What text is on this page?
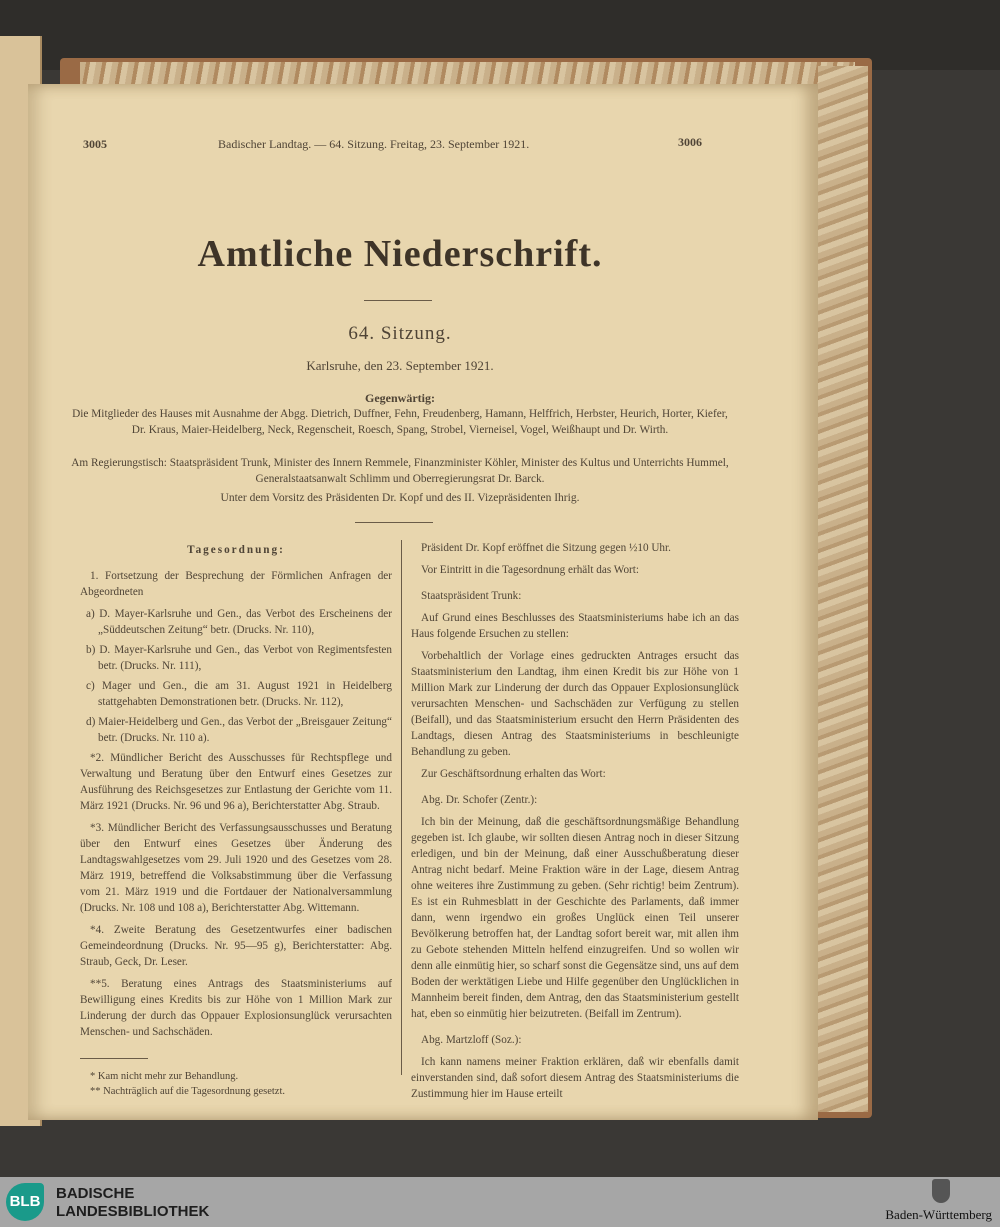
3005	Badischer Landtag. — 64. Sitzung. Freitag, 23. September 1921.	3006
Amtliche Niederschrift.
64. Sitzung.
Karlsruhe, den 23. September 1921.
Gegenwärtig:
Die Mitglieder des Hauses mit Ausnahme der Abgg. Dietrich, Duffner, Fehn, Freudenberg, Hamann, Helffrich, Herbster, Heurich, Horter, Kiefer, Dr. Kraus, Maier-Heidelberg, Neck, Regenscheit, Roesch, Spang, Strobel, Vierneisel, Vogel, Weißhaupt und Dr. Wirth.
Am Regierungstisch: Staatspräsident Trunk, Minister des Innern Remmele, Finanzminister Köhler, Minister des Kultus und Unterrichts Hummel, Generalstaatsanwalt Schlimm und Oberregierungsrat Dr. Barck.
Unter dem Vorsitz des Präsidenten Dr. Kopf und des II. Vizepräsidenten Ihrig.

Tagesordnung:

1. Fortsetzung der Besprechung der Förmlichen Anfragen der Abgeordneten

a) D. Mayer-Karlsruhe und Gen., das Verbot des Erscheinens der „Süddeutschen Zeitung“ betr. (Drucks. Nr. 110),

b) D. Mayer-Karlsruhe und Gen., das Verbot von Regimentsfesten betr. (Drucks. Nr. 111),

c) Mager und Gen., die am 31. August 1921 in Heidelberg stattgehabten Demonstrationen betr. (Drucks. Nr. 112),

d) Maier-Heidelberg und Gen., das Verbot der „Breisgauer Zeitung“ betr. (Drucks. Nr. 110 a).

*2. Mündlicher Bericht des Ausschusses für Rechtspflege und Verwaltung und Beratung über den Entwurf eines Gesetzes zur Ausführung des Reichsgesetzes zur Entlastung der Gerichte vom 11. März 1921 (Drucks. Nr. 96 und 96 a), Berichterstatter Abg. Straub.

*3. Mündlicher Bericht des Verfassungsausschusses und Beratung über den Entwurf eines Gesetzes über Änderung des Landtagswahlgesetzes vom 29. Juli 1920 und des Gesetzes vom 28. März 1919, betreffend die Volksabstimmung über die Verfassung vom 21. März 1919 und die Fortdauer der Nationalversammlung (Drucks. Nr. 108 und 108 a), Berichterstatter Abg. Wittemann.

*4. Zweite Beratung des Gesetzentwurfes einer badischen Gemeindeordnung (Drucks. Nr. 95—95 g), Berichterstatter: Abg. Straub, Geck, Dr. Leser.

**5. Beratung eines Antrags des Staatsministeriums auf Bewilligung eines Kredits bis zur Höhe von 1 Million Mark zur Linderung der durch das Oppauer Explosionsunglück verursachten Menschen- und Sachschäden.

* Kam nicht mehr zur Behandlung.

** Nachträglich auf die Tagesordnung gesetzt.

Präsident Dr. Kopf eröffnet die Sitzung gegen ½10 Uhr.

Vor Eintritt in die Tagesordnung erhält das Wort:

Staatspräsident Trunk:

Auf Grund eines Beschlusses des Staatsministeriums habe ich an das Haus folgende Ersuchen zu stellen:

Vorbehaltlich der Vorlage eines gedruckten Antrages ersucht das Staatsministerium den Landtag, ihm einen Kredit bis zur Höhe von 1 Million Mark zur Linderung der durch das Oppauer Explosionsunglück verursachten Menschen- und Sachschäden zur Verfügung zu stellen (Beifall), und das Staatsministerium ersucht den Herrn Präsidenten des Landtags, diesen Antrag des Staatsministeriums in beschleunigte Behandlung zu geben.

Zur Geschäftsordnung erhalten das Wort:

Abg. Dr. Schofer (Zentr.):

Ich bin der Meinung, daß die geschäftsordnungsmäßige Behandlung gegeben ist. Ich glaube, wir sollten diesen Antrag noch in dieser Sitzung erledigen, und bin der Meinung, daß einer Ausschußberatung dieser Antrag nicht bedarf. Meine Fraktion wäre in der Lage, diesem Antrag ohne weiteres ihre Zustimmung zu geben. (Sehr richtig! beim Zentrum). Es ist ein Ruhmesblatt in der Geschichte des Parlaments, daß immer dann, wenn irgendwo ein großes Unglück einen Teil unserer Bevölkerung betroffen hat, der Landtag sofort bereit war, mit allen ihm zu Gebote stehenden Mitteln helfend einzugreifen. Und so wollen wir denn alle einmütig hier, so scharf sonst die Gegensätze sind, uns auf dem Boden der werktätigen Liebe und Hilfe gegenüber den Unglücklichen in Mannheim bereit finden, dem Antrag, den das Staatsministerium gestellt hat, eben so einmütig hier beizutreten. (Beifall im Zentrum).

Abg. Martzloff (Soz.):

Ich kann namens meiner Fraktion erklären, daß wir ebenfalls damit einverstanden sind, daß sofort diesem Antrag des Staatsministeriums die Zustimmung hier im Hause erteilt

BLB BADISCHE
LANDESBIBLIOTHEK	Baden-Württemberg
